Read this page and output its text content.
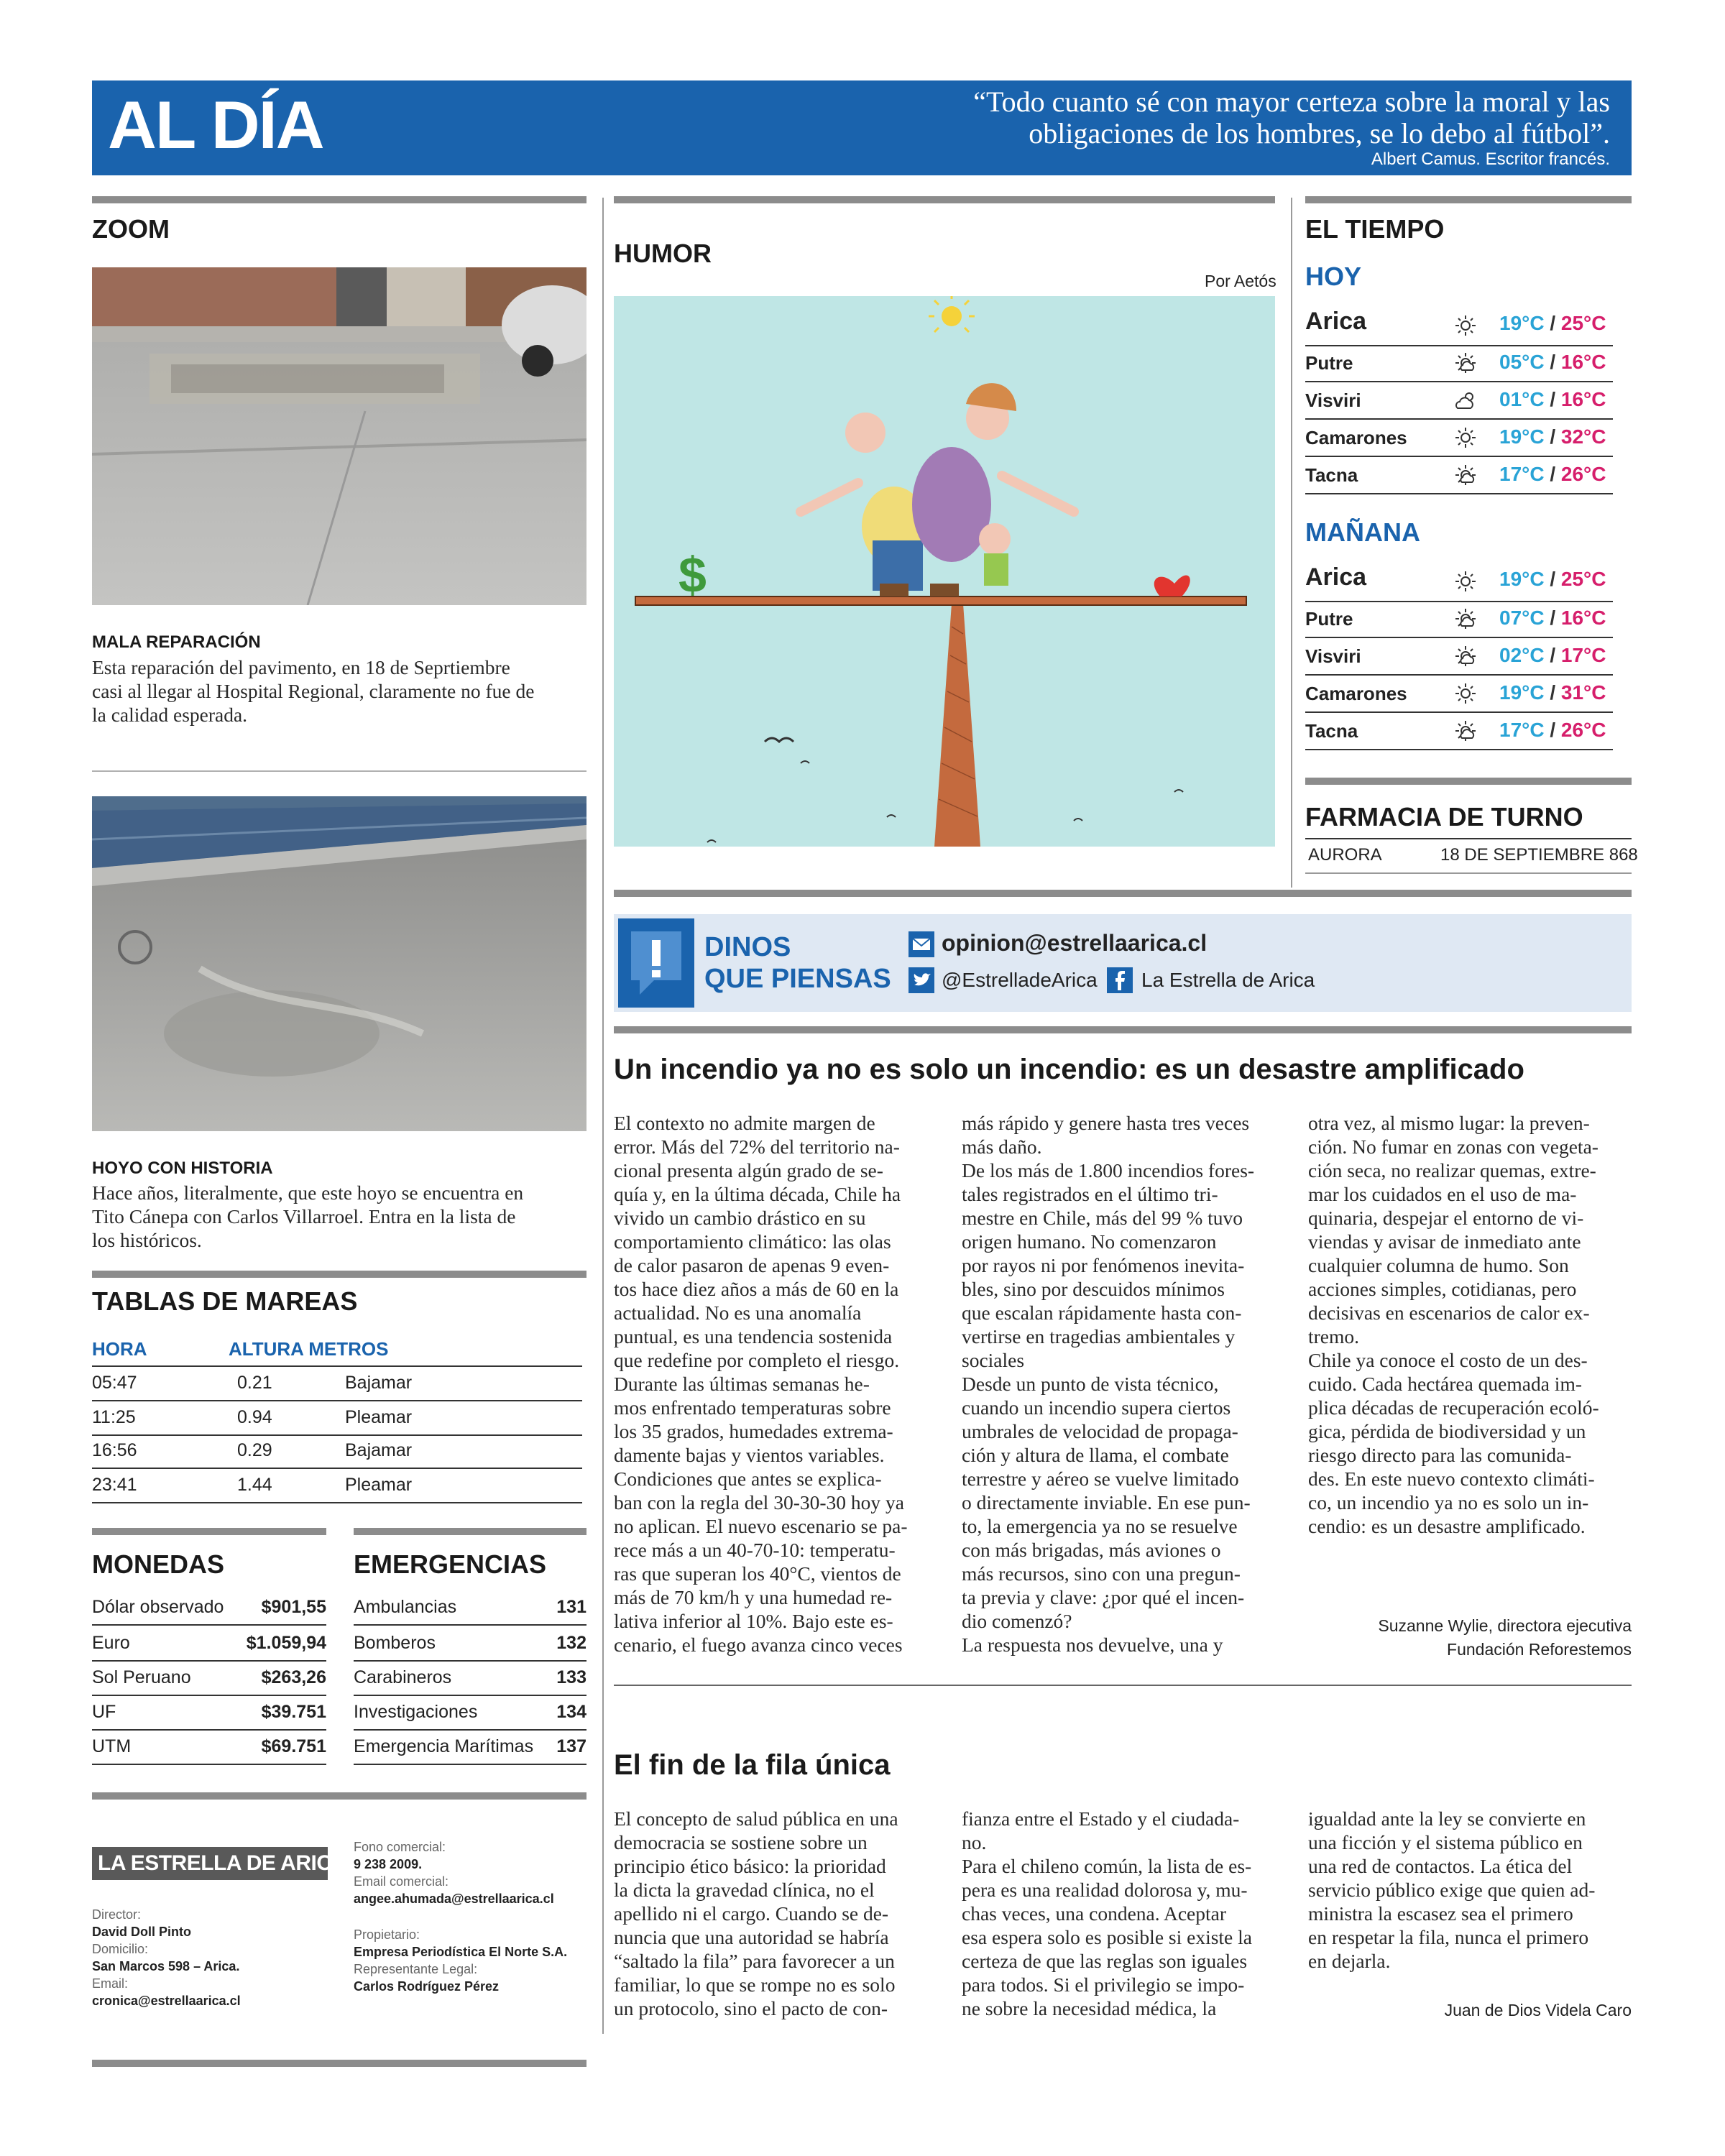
AL DÍA	“Todo cuanto sé con mayor certeza sobre la moral y las
obligaciones de los hombres, se lo debo al fútbol”.
Albert Camus. Escritor francés.
ZOOM
MALA REPARACIÓN
Esta reparación del pavimento, en 18 de Seprtiembre
casi al llegar al Hospital Regional, claramente no fue de
la calidad esperada.
HOYO CON HISTORIA
Hace años, literalmente, que este hoyo se encuentra en
Tito Cánepa con Carlos Villarroel. Entra en la lista de
los históricos.
TABLAS DE MAREAS
HORA	ALTURA METROS
05:47	0.21	Bajamar
11:25	0.94	Pleamar
16:56	0.29	Bajamar
23:41	1.44	Pleamar
MONEDAS
Dólar observado $901,55
Euro	$1.059,94
Sol Peruano	$263,26
UF	$39.751
UTM	$69.751
EMERGENCIAS
Ambulancias	131
Bomberos	132
Carabineros	133
Investigaciones	134
Emergencia Marítimas 137
LA ESTRELLA DE ARICA
Director:
David Doll Pinto
Domicilio:
San Marcos 598 – Arica.
Email:
cronica@estrellaarica.cl
Fono comercial:
9 238 2009.
Email comercial:
angee.ahumada@estrellaarica.cl
Propietario:
Empresa Periodística El Norte S.A.
Representante Legal:
Carlos Rodríguez Pérez
HUMOR
Por Aetós
$
EL TIEMPO
HOY
MAÑANA
FARMACIA DE TURNO
AURORA	18 DE SEPTIEMBRE 868
DINOS
QUE PIENSAS
opinion@estrellaarica.cl
@EstrelladeArica La Estrella de Arica
Un incendio ya no es solo un incendio: es un desastre amplificado
El contexto no admite margen de
error. Más del 72% del territorio na-
cional presenta algún grado de se-
quía y, en la última década, Chile ha
vivido un cambio drástico en su
comportamiento climático: las olas
de calor pasaron de apenas 9 even-
tos hace diez años a más de 60 en la
actualidad. No es una anomalía
puntual, es una tendencia sostenida
que redefine por completo el riesgo.
Durante las últimas semanas he-
mos enfrentado temperaturas sobre
los 35 grados, humedades extrema-
damente bajas y vientos variables.
Condiciones que antes se explica-
ban con la regla del 30-30-30 hoy ya
no aplican. El nuevo escenario se pa-
rece más a un 40-70-10: temperatu-
ras que superan los 40°C, vientos de
más de 70 km/h y una humedad re-
lativa inferior al 10%. Bajo este es-
cenario, el fuego avanza cinco veces
más rápido y genere hasta tres veces
más daño.
De los más de 1.800 incendios fores-
tales registrados en el último tri-
mestre en Chile, más del 99 % tuvo
origen humano. No comenzaron
por rayos ni por fenómenos inevita-
bles, sino por descuidos mínimos
que escalan rápidamente hasta con-
vertirse en tragedias ambientales y
sociales
Desde un punto de vista técnico,
cuando un incendio supera ciertos
umbrales de velocidad de propaga-
ción y altura de llama, el combate
terrestre y aéreo se vuelve limitado
o directamente inviable. En ese pun-
to, la emergencia ya no se resuelve
con más brigadas, más aviones o
más recursos, sino con una pregun-
ta previa y clave: ¿por qué el incen-
dio comenzó?
La respuesta nos devuelve, una y
otra vez, al mismo lugar: la preven-
ción. No fumar en zonas con vegeta-
ción seca, no realizar quemas, extre-
mar los cuidados en el uso de ma-
quinaria, despejar el entorno de vi-
viendas y avisar de inmediato ante
cualquier columna de humo. Son
acciones simples, cotidianas, pero
decisivas en escenarios de calor ex-
tremo.
Chile ya conoce el costo de un des-
cuido. Cada hectárea quemada im-
plica décadas de recuperación ecoló-
gica, pérdida de biodiversidad y un
riesgo directo para las comunida-
des. En este nuevo contexto climáti-
co, un incendio ya no es solo un in-
cendio: es un desastre amplificado.
Suzanne Wylie, directora ejecutiva
Fundación Reforestemos
El fin de la fila única
El concepto de salud pública en una
democracia se sostiene sobre un
principio ético básico: la prioridad
la dicta la gravedad clínica, no el
apellido ni el cargo. Cuando se de-
nuncia que una autoridad se habría
“saltado la fila” para favorecer a un
familiar, lo que se rompe no es solo
un protocolo, sino el pacto de con-
fianza entre el Estado y el ciudada-
no.
Para el chileno común, la lista de es-
pera es una realidad dolorosa y, mu-
chas veces, una condena. Aceptar
esa espera solo es posible si existe la
certeza de que las reglas son iguales
para todos. Si el privilegio se impo-
ne sobre la necesidad médica, la
igualdad ante la ley se convierte en
una ficción y el sistema público en
una red de contactos. La ética del
servicio público exige que quien ad-
ministra la escasez sea el primero
en respetar la fila, nunca el primero
en dejarla.
Juan de Dios Videla Caro
Arica	19°C / 25°C
Putre	05°C / 16°C
Visviri	01°C / 16°C
Camarones	19°C / 32°C
Tacna	17°C / 26°C
Arica	19°C / 25°C
Putre	07°C / 16°C
Visviri	02°C / 17°C
Camarones	19°C / 31°C
Tacna	17°C / 26°C
